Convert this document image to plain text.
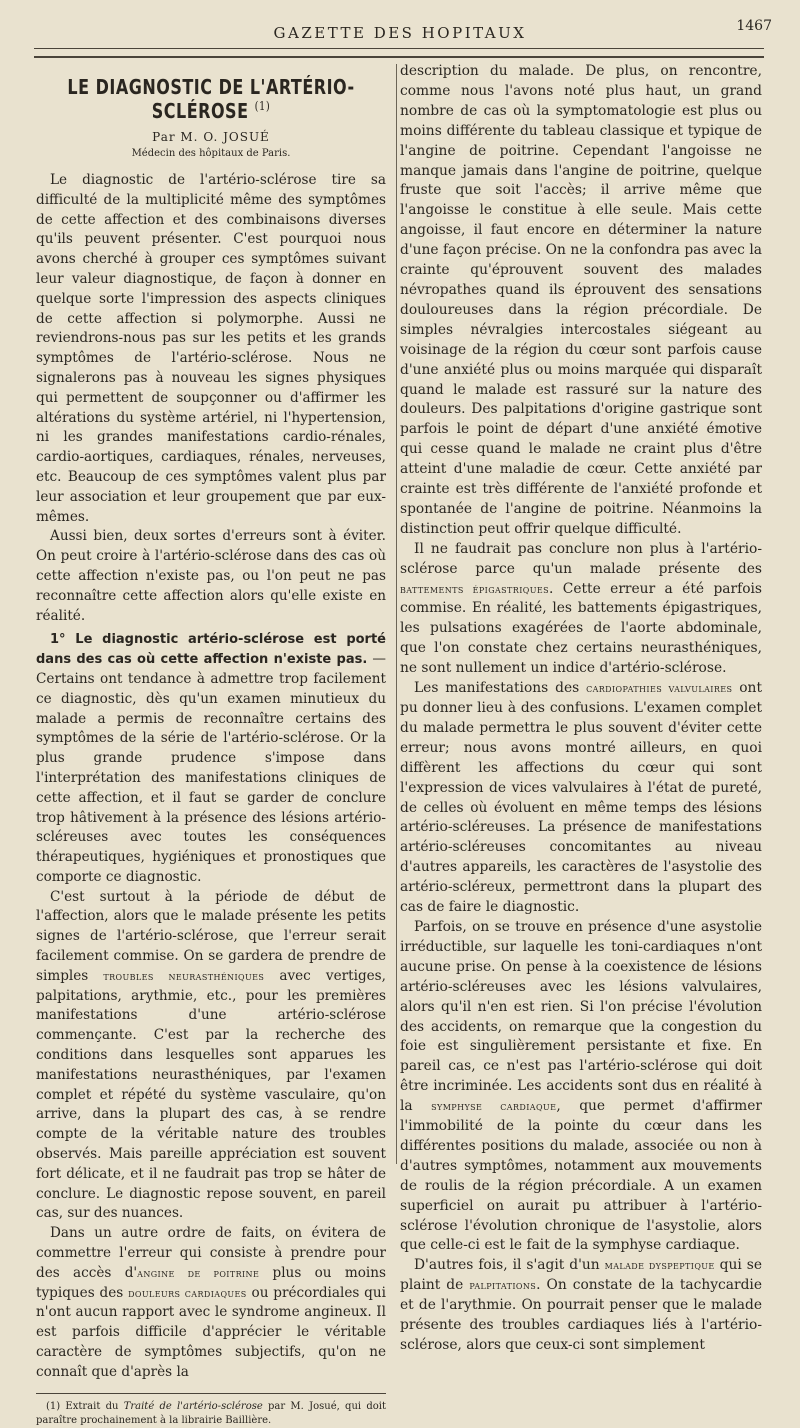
GAZETTE DES HOPITAUX	1467
LE DIAGNOSTIC DE L'ARTÉRIO-SCLÉROSE $^{(1)}$
Par M. O. JOSUÉ
Médecin des hôpitaux de Paris.

Le diagnostic de l'artério-sclérose tire sa difficulté de la multiplicité même des symptômes de cette affection et des combinaisons diverses qu'ils peuvent présenter. C'est pourquoi nous avons cherché à grouper ces symptômes suivant leur valeur diagnostique, de façon à donner en quelque sorte l'impression des aspects cliniques de cette affection si polymorphe. Aussi ne reviendrons-nous pas sur les petits et les grands symptômes de l'artério-sclérose. Nous ne signalerons pas à nouveau les signes physiques qui permettent de soupçonner ou d'affirmer les altérations du système artériel, ni l'hypertension, ni les grandes manifestations cardio-rénales, cardio-aortiques, cardiaques, rénales, nerveuses, etc. Beaucoup de ces symptômes valent plus par leur association et leur groupement que par eux-mêmes.

Aussi bien, deux sortes d'erreurs sont à éviter. On peut croire à l'artério-sclérose dans des cas où cette affection n'existe pas, ou l'on peut ne pas reconnaître cette affection alors qu'elle existe en réalité.

1° Le diagnostic artério-sclérose est porté dans des cas où cette affection n'existe pas. — Certains ont tendance à admettre trop facilement ce diagnostic, dès qu'un examen minutieux du malade a permis de reconnaître certains des symptômes de la série de l'artério-sclérose. Or la plus grande prudence s'impose dans l'interprétation des manifestations cliniques de cette affection, et il faut se garder de conclure trop hâtivement à la présence des lésions artério-scléreuses avec toutes les conséquences thérapeutiques, hygiéniques et pronostiques que comporte ce diagnostic.

C'est surtout à la période de début de l'affection, alors que le malade présente les petits signes de l'artério-sclérose, que l'erreur serait facilement commise. On se gardera de prendre de simples troubles neurasthéniques avec vertiges, palpitations, arythmie, etc., pour les premières manifestations d'une artério-sclérose commençante. C'est par la recherche des conditions dans lesquelles sont apparues les manifestations neurasthéniques, par l'examen complet et répété du système vasculaire, qu'on arrive, dans la plupart des cas, à se rendre compte de la véritable nature des troubles observés. Mais pareille appréciation est souvent fort délicate, et il ne faudrait pas trop se hâter de conclure. Le diagnostic repose souvent, en pareil cas, sur des nuances.

Dans un autre ordre de faits, on évitera de commettre l'erreur qui consiste à prendre pour des accès d'angine de poitrine plus ou moins typiques des douleurs cardiaques ou précordiales qui n'ont aucun rapport avec le syndrome angineux. Il est parfois difficile d'apprécier le véritable caractère de symptômes subjectifs, qu'on ne connaît que d'après la

(1) Extrait du Traité de l'artério-sclérose par M. Josué, qui doit paraître prochainement à la librairie Baillière.

description du malade. De plus, on rencontre, comme nous l'avons noté plus haut, un grand nombre de cas où la symptomatologie est plus ou moins différente du tableau classique et typique de l'angine de poitrine. Cependant l'angoisse ne manque jamais dans l'angine de poitrine, quelque fruste que soit l'accès; il arrive même que l'angoisse le constitue à elle seule. Mais cette angoisse, il faut encore en déterminer la nature d'une façon précise. On ne la confondra pas avec la crainte qu'éprouvent souvent des malades névropathes quand ils éprouvent des sensations douloureuses dans la région précordiale. De simples névralgies intercostales siégeant au voisinage de la région du cœur sont parfois cause d'une anxiété plus ou moins marquée qui disparaît quand le malade est rassuré sur la nature des douleurs. Des palpitations d'origine gastrique sont parfois le point de départ d'une anxiété émotive qui cesse quand le malade ne craint plus d'être atteint d'une maladie de cœur. Cette anxiété par crainte est très différente de l'anxiété profonde et spontanée de l'angine de poitrine. Néanmoins la distinction peut offrir quelque difficulté.

Il ne faudrait pas conclure non plus à l'artério-sclérose parce qu'un malade présente des battements épigastriques. Cette erreur a été parfois commise. En réalité, les battements épigastriques, les pulsations exagérées de l'aorte abdominale, que l'on constate chez certains neurasthéniques, ne sont nullement un indice d'artério-sclérose.

Les manifestations des cardiopathies valvulaires ont pu donner lieu à des confusions. L'examen complet du malade permettra le plus souvent d'éviter cette erreur; nous avons montré ailleurs, en quoi diffèrent les affections du cœur qui sont l'expression de vices valvulaires à l'état de pureté, de celles où évoluent en même temps des lésions artério-scléreuses. La présence de manifestations artério-scléreuses concomitantes au niveau d'autres appareils, les caractères de l'asystolie des artério-scléreux, permettront dans la plupart des cas de faire le diagnostic.

Parfois, on se trouve en présence d'une asystolie irréductible, sur laquelle les toni-cardiaques n'ont aucune prise. On pense à la coexistence de lésions artério-scléreuses avec les lésions valvulaires, alors qu'il n'en est rien. Si l'on précise l'évolution des accidents, on remarque que la congestion du foie est singulièrement persistante et fixe. En pareil cas, ce n'est pas l'artério-sclérose qui doit être incriminée. Les accidents sont dus en réalité à la symphyse cardiaque, que permet d'affirmer l'immobilité de la pointe du cœur dans les différentes positions du malade, associée ou non à d'autres symptômes, notamment aux mouvements de roulis de la région précordiale. A un examen superficiel on aurait pu attribuer à l'artério-sclérose l'évolution chronique de l'asystolie, alors que celle-ci est le fait de la symphyse cardiaque.

D'autres fois, il s'agit d'un malade dyspeptique qui se plaint de palpitations. On constate de la tachycardie et de l'arythmie. On pourrait penser que le malade présente des troubles cardiaques liés à l'artério-sclérose, alors que ceux-ci sont simplement
